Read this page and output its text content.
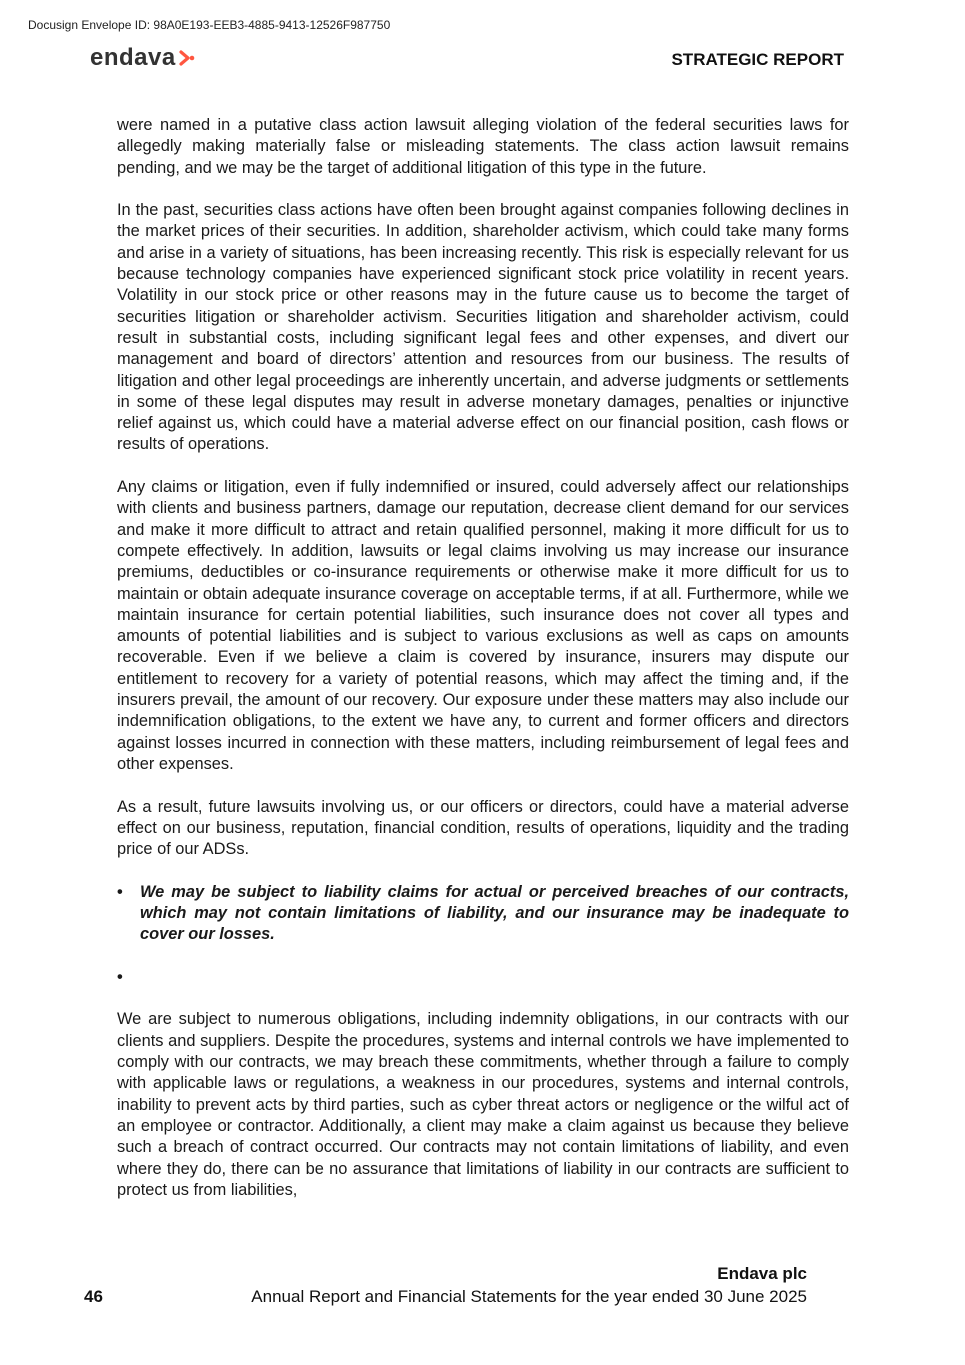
Docusign Envelope ID: 98A0E193-EEB3-4885-9413-12526F987750
endava	STRATEGIC REPORT

were named in a putative class action lawsuit alleging violation of the federal securities laws for allegedly making materially false or misleading statements. The class action lawsuit remains pending, and we may be the target of additional litigation of this type in the future.

In the past, securities class actions have often been brought against companies following declines in the market prices of their securities. In addition, shareholder activism, which could take many forms and arise in a variety of situations, has been increasing recently. This risk is especially relevant for us because technology companies have experienced significant stock price volatility in recent years. Volatility in our stock price or other reasons may in the future cause us to become the target of securities litigation or shareholder activism. Securities litigation and shareholder activism, could result in substantial costs, including significant legal fees and other expenses, and divert our management and board of directors’ attention and resources from our business. The results of litigation and other legal proceedings are inherently uncertain, and adverse judgments or settlements in some of these legal disputes may result in adverse monetary damages, penalties or injunctive relief against us, which could have a material adverse effect on our financial position, cash flows or results of operations.

Any claims or litigation, even if fully indemnified or insured, could adversely affect our relationships with clients and business partners, damage our reputation, decrease client demand for our services and make it more difficult to attract and retain qualified personnel, making it more difficult for us to compete effectively. In addition, lawsuits or legal claims involving us may increase our insurance premiums, deductibles or co-insurance requirements or otherwise make it more difficult for us to maintain or obtain adequate insurance coverage on acceptable terms, if at all. Furthermore, while we maintain insurance for certain potential liabilities, such insurance does not cover all types and amounts of potential liabilities and is subject to various exclusions as well as caps on amounts recoverable. Even if we believe a claim is covered by insurance, insurers may dispute our entitlement to recovery for a variety of potential reasons, which may affect the timing and, if the insurers prevail, the amount of our recovery. Our exposure under these matters may also include our indemnification obligations, to the extent we have any, to current and former officers and directors against losses incurred in connection with these matters, including reimbursement of legal fees and other expenses.

As a result, future lawsuits involving us, or our officers or directors, could have a material adverse effect on our business, reputation, financial condition, results of operations, liquidity and the trading price of our ADSs.

•	We may be subject to liability claims for actual or perceived breaches of our contracts, which may not contain limitations of liability, and our insurance may be inadequate to cover our losses.
•

We are subject to numerous obligations, including indemnity obligations, in our contracts with our clients and suppliers. Despite the procedures, systems and internal controls we have implemented to comply with our contracts, we may breach these commitments, whether through a failure to comply with applicable laws or regulations, a weakness in our procedures, systems and internal controls, inability to prevent acts by third parties, such as cyber threat actors or negligence or the wilful act of an employee or contractor. Additionally, a client may make a claim against us because they believe such a breach of contract occurred. Our contracts may not contain limitations of liability, and even where they do, there can be no assurance that limitations of liability in our contracts are sufficient to protect us from liabilities,

Endava plc
46	Annual Report and Financial Statements for the year ended 30 June 2025
